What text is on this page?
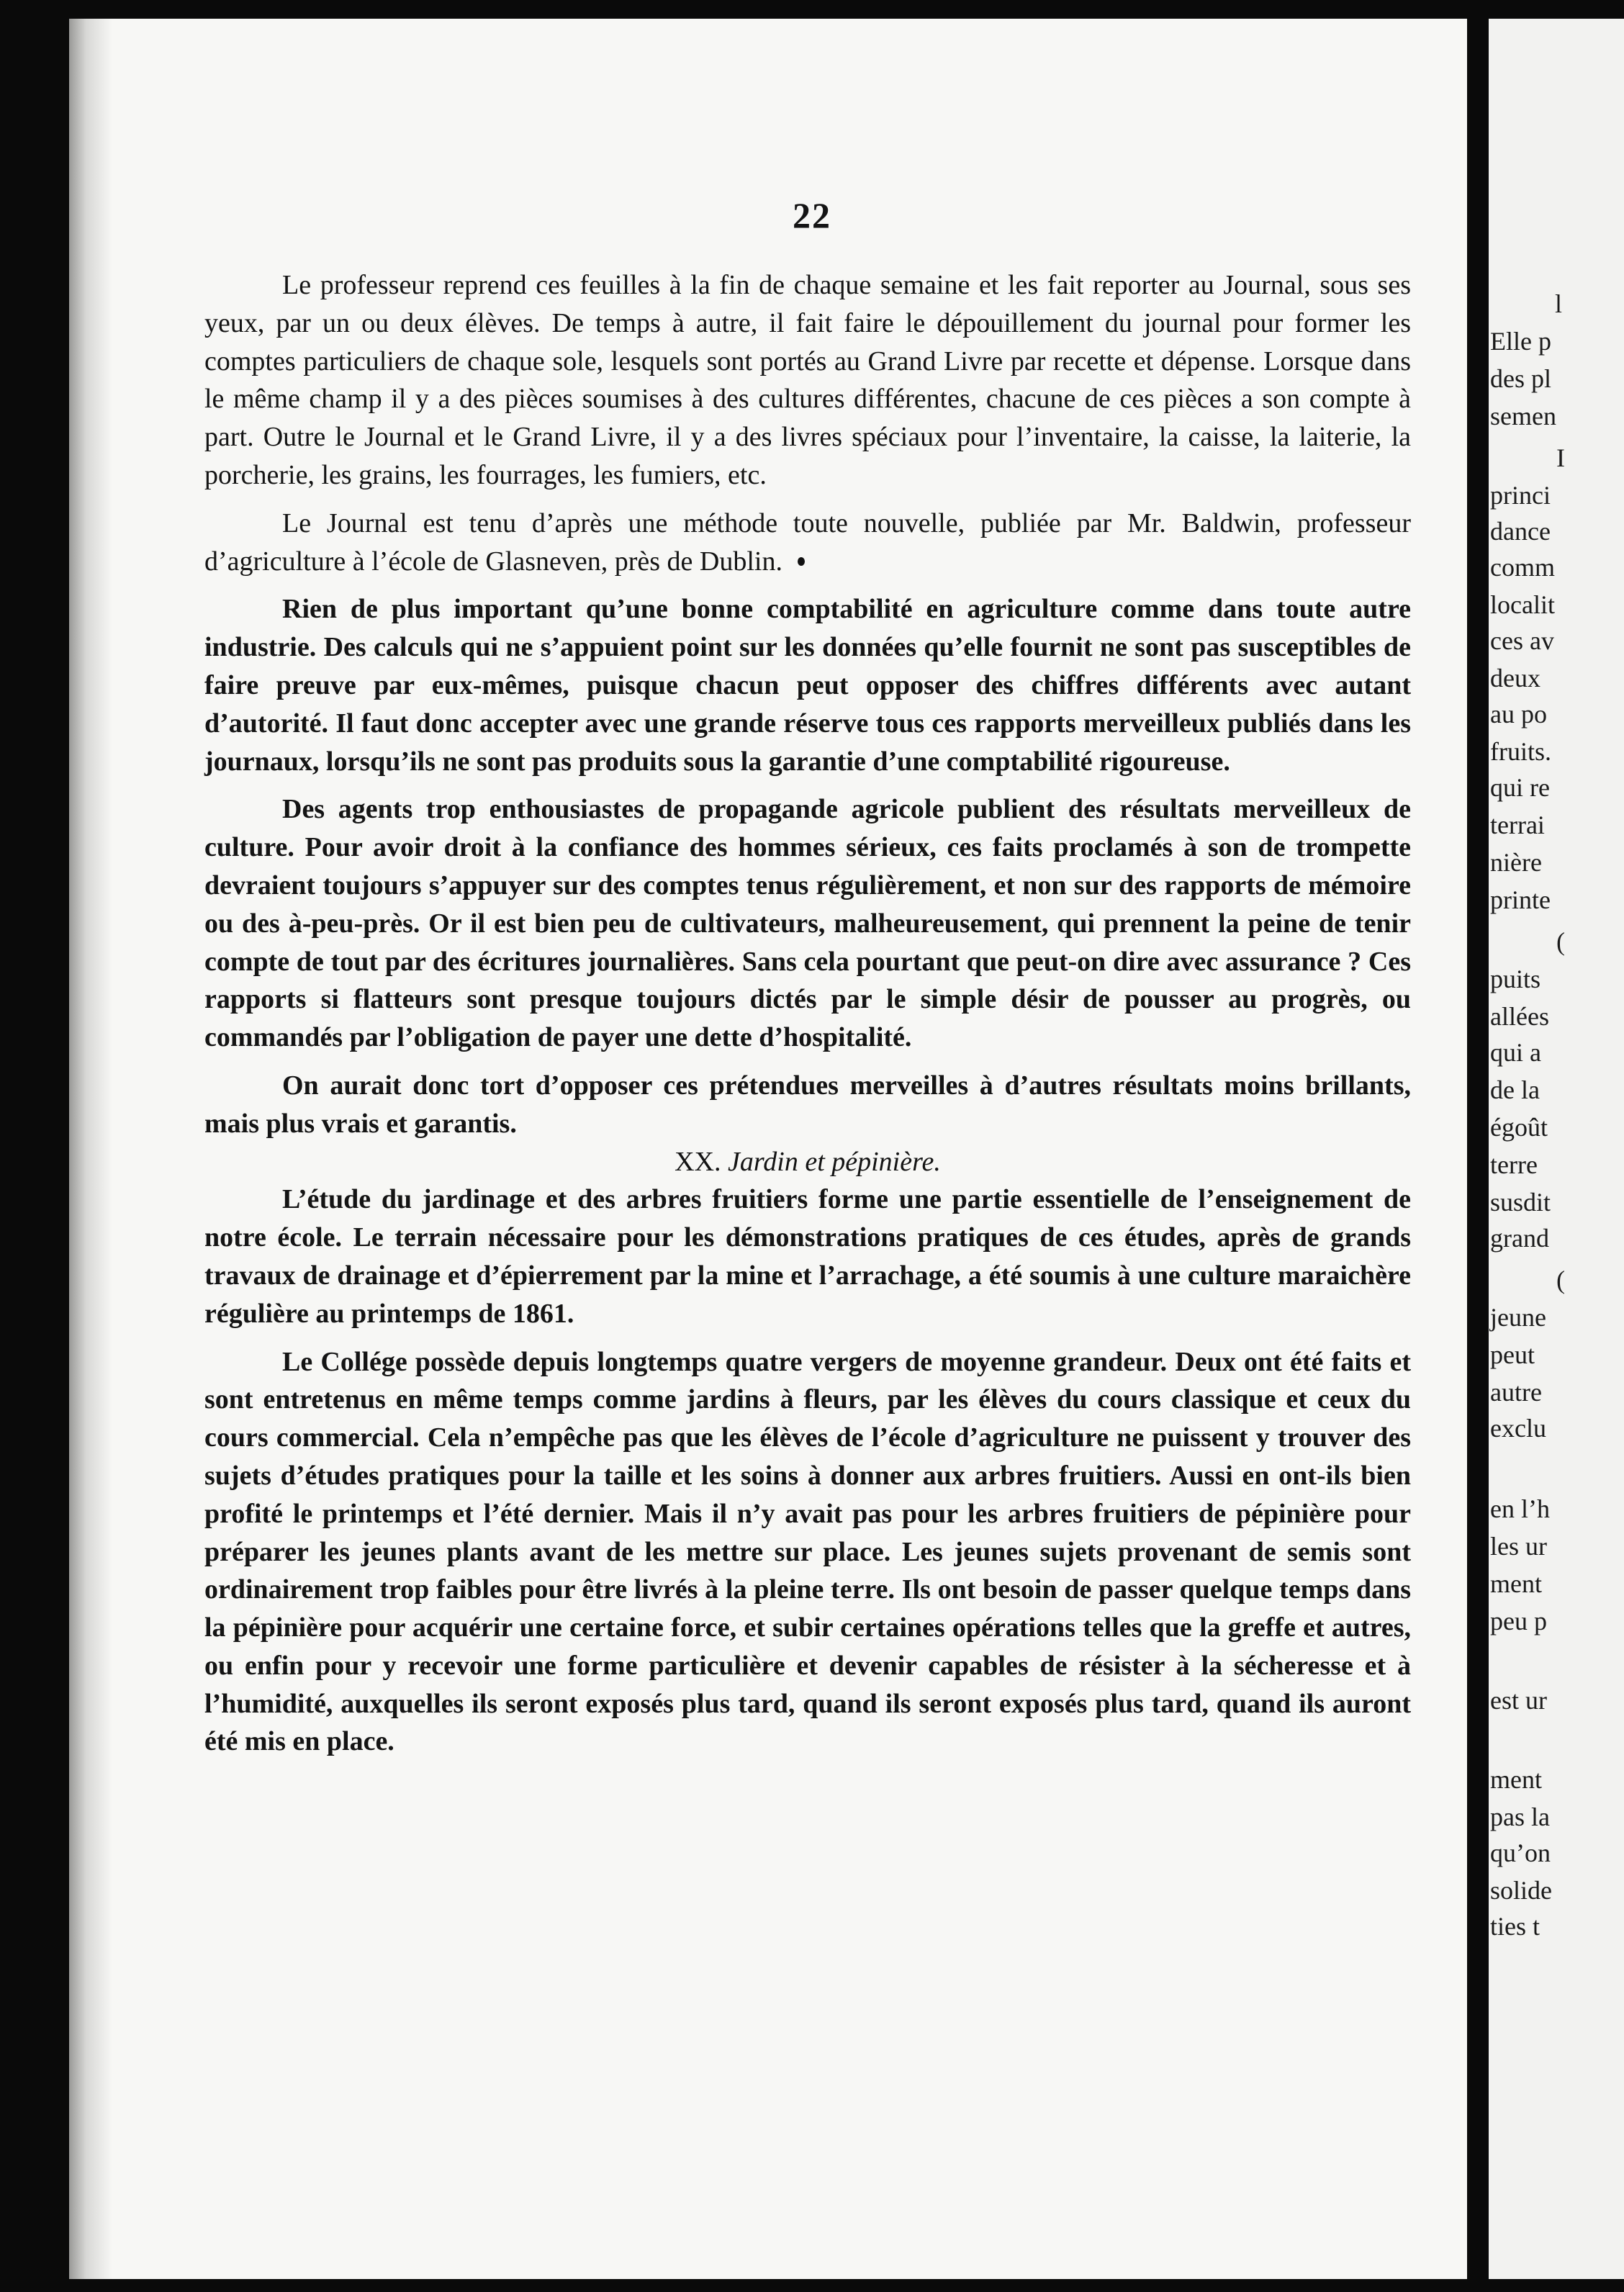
22

Le professeur reprend ces feuilles à la fin de chaque semaine et les fait reporter au Journal, sous ses yeux, par un ou deux élèves. De temps à autre, il fait faire le dépouillement du journal pour former les comptes particuliers de chaque sole, lesquels sont portés au Grand Livre par recette et dépense. Lorsque dans le même champ il y a des pièces soumises à des cultures différentes, chacune de ces pièces a son compte à part. Outre le Journal et le Grand Livre, il y a des livres spéciaux pour l’inventaire, la caisse, la laiterie, la porcherie, les grains, les fourrages, les fumiers, etc.

Le Journal est tenu d’après une méthode toute nouvelle, publiée par Mr. Baldwin, professeur d’agriculture à l’école de Glasneven, près de Dublin.

Rien de plus important qu’une bonne comptabilité en agriculture comme dans toute autre industrie. Des calculs qui ne s’appuient point sur les données qu’elle fournit ne sont pas susceptibles de faire preuve par eux-mêmes, puisque chacun peut opposer des chiffres différents avec autant d’autorité. Il faut donc accepter avec une grande réserve tous ces rapports merveilleux publiés dans les journaux, lorsqu’ils ne sont pas produits sous la garantie d’une comptabilité rigoureuse.

Des agents trop enthousiastes de propagande agricole publient des résultats merveilleux de culture. Pour avoir droit à la confiance des hommes sérieux, ces faits proclamés à son de trompette devraient toujours s’appuyer sur des comptes tenus régulièrement, et non sur des rapports de mémoire ou des à-peu-près. Or il est bien peu de cultivateurs, malheureusement, qui prennent la peine de tenir compte de tout par des écritures journalières. Sans cela pourtant que peut-on dire avec assurance ? Ces rapports si flatteurs sont presque toujours dictés par le simple désir de pousser au progrès, ou commandés par l’obligation de payer une dette d’hospitalité.

On aurait donc tort d’opposer ces prétendues merveilles à d’autres résultats moins brillants, mais plus vrais et garantis.

XX. Jardin et pépinière.

L’étude du jardinage et des arbres fruitiers forme une partie essentielle de l’enseignement de notre école. Le terrain nécessaire pour les démonstrations pratiques de ces études, après de grands travaux de drainage et d’épierrement par la mine et l’arrachage, a été soumis à une culture maraichère régulière au printemps de 1861.

Le Collége possède depuis longtemps quatre vergers de moyenne grandeur. Deux ont été faits et sont entretenus en même temps comme jardins à fleurs, par les élèves du cours classique et ceux du cours commercial. Cela n’empêche pas que les élèves de l’école d’agriculture ne puissent y trouver des sujets d’études pratiques pour la taille et les soins à donner aux arbres fruitiers. Aussi en ont-ils bien profité le printemps et l’été dernier. Mais il n’y avait pas pour les arbres fruitiers de pépinière pour préparer les jeunes plants avant de les mettre sur place. Les jeunes sujets provenant de semis sont ordinairement trop faibles pour être livrés à la pleine terre. Ils ont besoin de passer quelque temps dans la pépinière pour acquérir une certaine force, et subir certaines opérations telles que la greffe et autres, ou enfin pour y recevoir une forme particulière et devenir capables de résister à la sécheresse et à l’humidité, auxquelles ils seront exposés plus tard, quand ils seront exposés plus tard, quand ils auront été mis en place.

l
Elle p
des pl
semen
I
princi
dance
comm
localit
ces av
deux
au po
fruits.
qui re
terrai
nière
printe
(
puits
allées
qui a
de la
égoût
terre
susdit
grand
(
jeune
peut
autre
exclu
en l’h
les ur
ment
peu p
est ur
ment
pas la
qu’on
solide
ties t
